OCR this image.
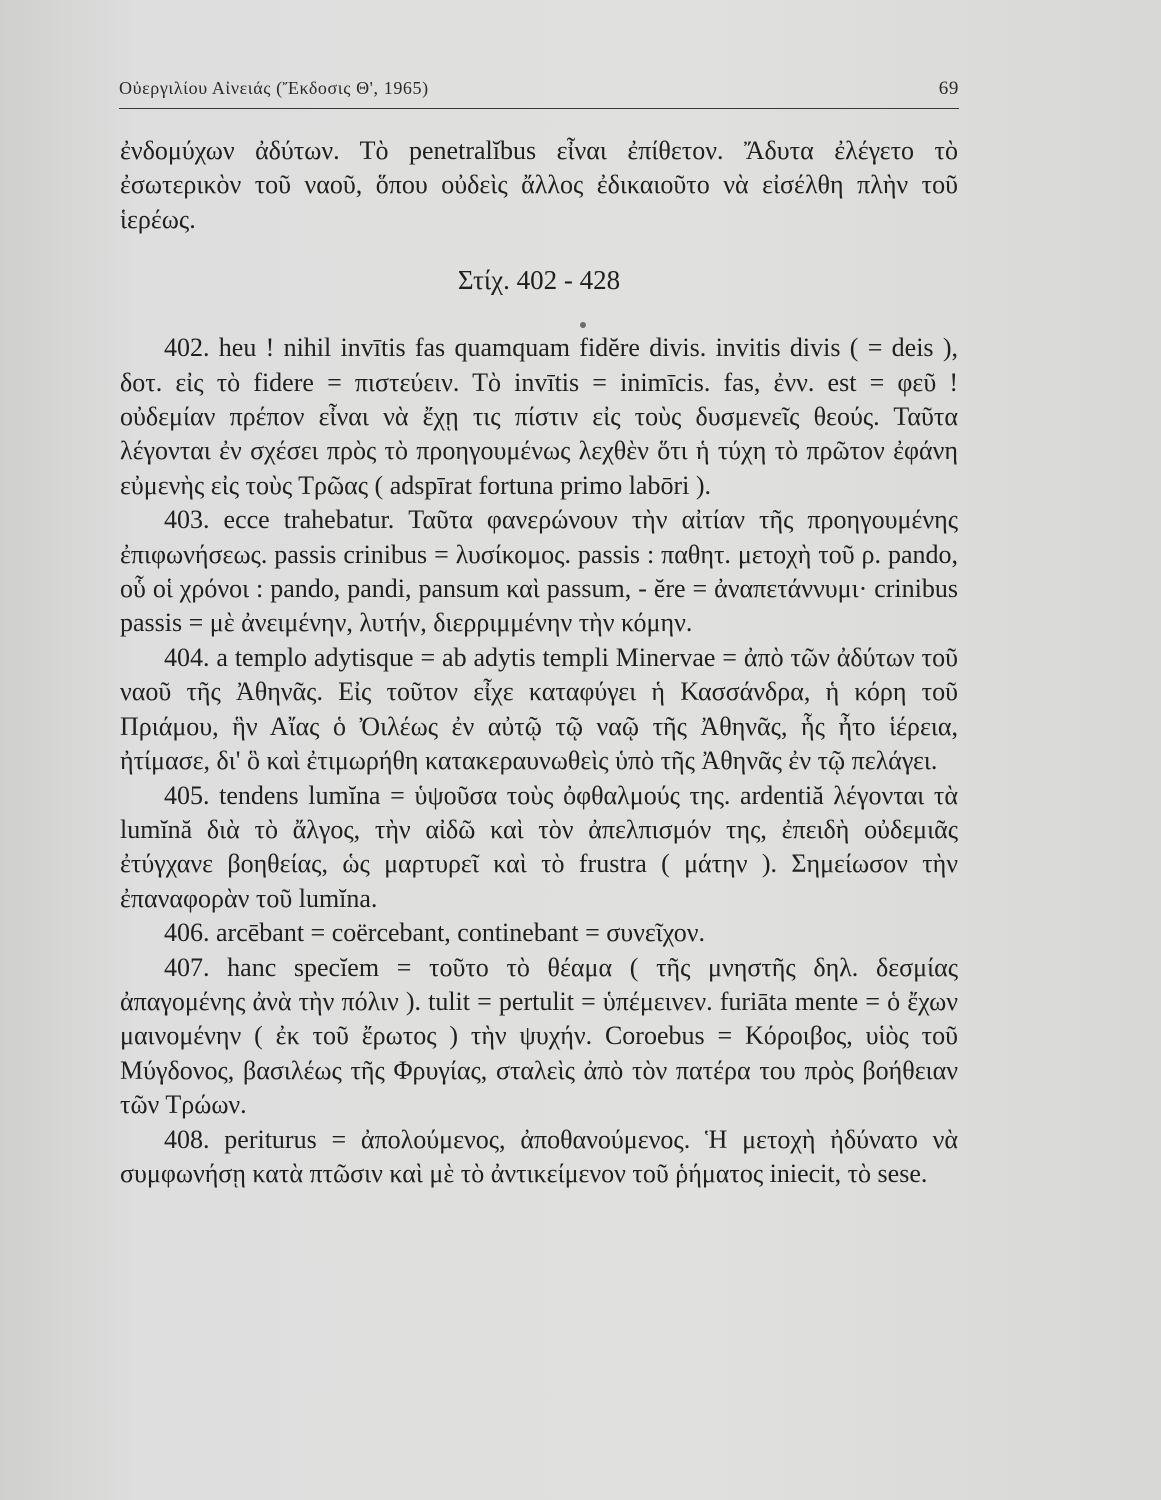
Οὐεργιλίου Αἰνειάς (Ἔκδοσις Θ', 1965)	69

ἐνδομύχων ἀδύτων. Τὸ penetralĭbus εἶναι ἐπίθετον. Ἄδυτα ἐλέγετο τὸ ἐσωτερικὸν τοῦ ναοῦ, ὅπου οὐδεὶς ἄλλος ἐδικαιοῦτο νὰ εἰσέλθη πλὴν τοῦ ἱερέως.

Στίχ. 402 - 428

402. heu ! nihil invītis fas quamquam fidĕre divis. invitis divis ( = deis ), δοτ. εἰς τὸ fidere = πιστεύειν. Τὸ invītis = inimīcis. fas, ἐνν. est = φεῦ ! οὐδεμίαν πρέπον εἶναι νὰ ἔχῃ τις πίστιν εἰς τοὺς δυσμενεῖς θεούς. Ταῦτα λέγονται ἐν σχέσει πρὸς τὸ προηγουμένως λεχθὲν ὅτι ἡ τύχη τὸ πρῶτον ἐφάνη εὐμενὴς εἰς τοὺς Τρῶας ( adspīrat fortuna primo labōri ).

403. ecce trahebatur. Ταῦτα φανερώνουν τὴν αἰτίαν τῆς προηγουμένης ἐπιφωνήσεως. passis crinibus = λυσίκομος. passis : παθητ. μετοχὴ τοῦ ρ. pando, οὗ οἱ χρόνοι : pando, pandi, pansum καὶ passum, - ĕre = ἀναπετάννυμι· crinibus passis = μὲ ἀνειμένην, λυτήν, διερριμμένην τὴν κόμην.

404. a templo adytisque = ab adytis templi Minervae = ἀπὸ τῶν ἀδύτων τοῦ ναοῦ τῆς Ἀθηνᾶς. Εἰς τοῦτον εἶχε καταφύγει ἡ Κασσάνδρα, ἡ κόρη τοῦ Πριάμου, ἣν Αἴας ὁ Ὀιλέως ἐν αὐτῷ τῷ ναῷ τῆς Ἀθηνᾶς, ἧς ἦτο ἱέρεια, ἠτίμασε, δι' ὃ καὶ ἐτιμωρήθη κατακεραυνωθεὶς ὑπὸ τῆς Ἀθηνᾶς ἐν τῷ πελάγει.

405. tendens lumĭna = ὑψοῦσα τοὺς ὀφθαλμούς της. ardentiă λέγονται τὰ lumĭnă διὰ τὸ ἄλγος, τὴν αἰδῶ καὶ τὸν ἀπελπισμόν της, ἐπειδὴ οὐδεμιᾶς ἐτύγχανε βοηθείας, ὡς μαρτυρεῖ καὶ τὸ frustra ( μάτην ). Σημείωσον τὴν ἐπαναφορὰν τοῦ lumĭna.

406. arcēbant = coërcebant, continebant = συνεῖχον.

407. hanc specĭem = τοῦτο τὸ θέαμα ( τῆς μνηστῆς δηλ. δεσμίας ἀπαγομένης ἀνὰ τὴν πόλιν ). tulit = pertulit = ὑπέμεινεν. furiāta mente = ὁ ἔχων μαινομένην ( ἐκ τοῦ ἔρωτος ) τὴν ψυχήν. Coroebus = Κόροιβος, υἱὸς τοῦ Μύγδονος, βασιλέως τῆς Φρυγίας, σταλεὶς ἀπὸ τὸν πατέρα του πρὸς βοήθειαν τῶν Τρώων.

408. periturus = ἀπολούμενος, ἀποθανούμενος. Ἡ μετοχὴ ἠδύνατο νὰ συμφωνήσῃ κατὰ πτῶσιν καὶ μὲ τὸ ἀντικείμενον τοῦ ῥήματος iniecit, τὸ sese.
